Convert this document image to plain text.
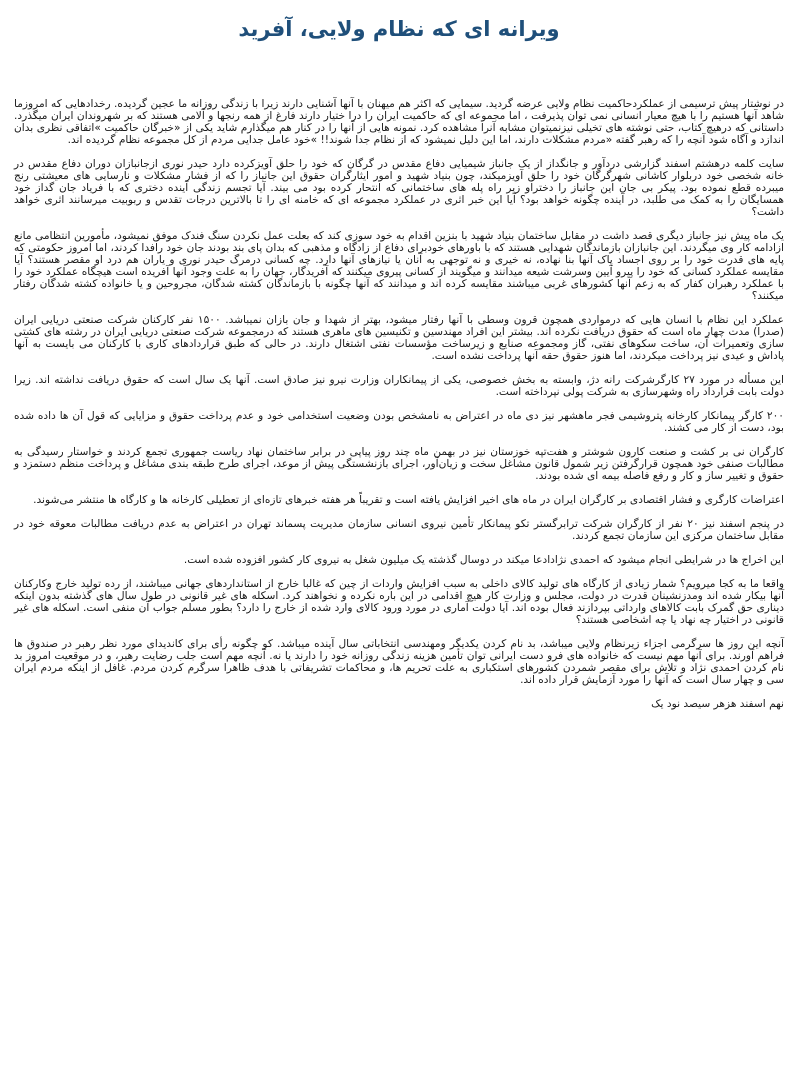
ویرانه ای که نظام ولایی، آفرید

در نوشتار پیش ترسیمی از عملکردحاکمیت نظام ولایی عرضه گردید. سیمایی که اکثر هم میهنان با آنها آشنایی دارند زیرا با زندگی روزانه ما عجین گردیده. رخدادهایی که امروزما شاهد آنها هستیم را با هیچ معیار انسانی نمی توان پذیرفت ، اما مجموعه ای که حاکمیت ایران را درا ختیار دارند فارغ از همه رنجها و آلامی هستند که بر شهروندان ایران میگذرد. داستانی که درهیچ کتاب، حتی نوشته های تخیلی نیزنمیتوان مشابه آنرا مشاهده کرد. نمونه هایی از آنها را در کنار هم میگذارم شاید یکی از «خبرگان حاکمیت »اتفاقی نظری بدان اندازد و آگاه شود آنچه را که رهبر گفته «مردم مشکلات دارند، اما این دلیل نمیشود که از نظام جدا شوند!! »خود عامل جدایی مردم از کل مجموعه نظام گردیده اند.

سایت کلمه درهشتم اسفند گزارشی دردآور و جانگداز از یک جانباز شیمیایی دفاع مقدس در گرگان که خود را حلق آویزکرده دارد حیدر نوری ازجانبازان دوران دفاع مقدس در خانه شخصی خود دربلوار کاشانی شهرگرگان خود را حلق آویزمیکند، چون بنیاد شهید و امور ایثارگران حقوق این جانباز را که از فشار مشکلات و نارسایی های معیشتی رنج میبرده قطع نموده بود. پیکر بی جان این جانباز را دختراو زیر راه پله های ساختمانی که انتحار کرده بود می بیند. آیا تجسم زندگی آینده دختری که با فریاد جان گداز خود همسایگان را به کمک می طلبد، در آینده چگونه خواهد بود؟ آیا این خبر اثری در عملکرد مجموعه ای که خامنه ای را تا بالاترین درجات تقدس و ربوبیت میرسانند اثری خواهد داشت؟

یک ماه پیش نیز جانباز دیگری قصد داشت در مقابل ساختمان بنیاد شهید با بنزین اقدام به خود سوزی کند که بعلت عمل نکردن سنگ فندک موفق نمیشود، مأمورین انتظامی مانع ازادامه کار وی میگردند. این جانبازان بازماندگان شهدایی هستند که با باورهای خودبرای دفاع از زادگاه و مذهبی که بدان پای بند بودند جان خود رافدا کردند، اما امروز حکومتی که پایه های قدرت خود را بر روی اجساد پاک آنها بنا نهاده، نه خیری و نه توجهی به آنان یا نیازهای آنها دارد. چه کسانی درمرگ حیدر نوری و یاران هم درد او مقصر هستند؟ آیا مقایسه عملکرد کسانی که خود را پیرو آیین وسرشت شیعه میدانند و میگویند از کسانی پیروی میکنند که آفریدگار، جهان را به علت وجود آنها آفریده است هیچگاه عملکرد خود را با عملکرد رهبران کفار که به زعم آنها کشورهای غربی میباشند مقایسه کرده اند و میدانند که آنها چگونه با بازماندگان کشته شدگان، مجروحین و یا خانواده کشته شدگان رفتار میکنند؟

عملکرد این نظام با انسان هایی که درمواردی همچون قرون وسطی با آنها رفتار میشود، بهتر از شهدا و جان بازان نمیباشد. ۱۵۰۰ نفر کارکنان شرکت صنعتی دریایی ایران (صدرا) مدت چهار ماه است که حقوق دریافت نکرده اند. بیشتر این افراد مهندسین و تکنیسین های ماهری هستند که درمجموعه شرکت صنعتی دریایی ایران در رشته های کشتی سازی وتعمیرات آن، ساخت سکوهای نفتی، گاز ومجموعه صنایع و زیرساخت مؤسسات نفتی اشتغال دارند. در حالی که طبق قراردادهای کاری با کارکنان می بایست به آنها پاداش و عیدی نیز پرداخت میکردند، اما هنوز حقوق حقه آنها پرداخت نشده است.

این مسأله در مورد ۲۷ کارگرشرکت رانه دژ، وابسته به بخش خصوصی، یکی از پیمانکاران وزارت نیرو نیز صادق است. آنها یک سال است که حقوق دریافت نداشته اند. زیرا دولت بابت قرارداد راه وشهرسازی به شرکت پولی نپرداخته است.

۲۰۰ کارگر پیمانکار کارخانه پتروشیمی فجر ماهشهر نیز دی ماه در اعتراض به نامشخص بودن وضعیت استخدامی خود و عدم پرداخت حقوق و مزایایی که قول آن ها داده شده بود، دست از کار می کشند.

کارگران نی بر کشت و صنعت کارون شوشتر و هفت‌تپه خوزستان نیز در بهمن ماه چند روز پیاپی در برابر ساختمان نهاد ریاست جمهوری تجمع کردند و خواستار رسیدگی به مطالبات صنفی خود همچون قرارگرفتن زیر شمول قانون مشاغل سخت و زیان‌آور، اجرای بازنشستگی پیش از موعد، اجرای طرح طبقه بندی مشاغل و پرداخت منظم دستمزد و حقوق و تغییر ساز و کار و رفع فاصله بیمه ای شده بودند.

اعتراضات کارگری و فشار اقتصادی بر کارگران ایران در ماه های اخیر افزایش یافته است و تقریباً هر هفته خبرهای تازه‌ای از تعطیلی کارخانه ها و کارگاه ها منتشر می‌شوند.

در پنجم اسفند نیز ۲۰ نفر از کارگران شرکت ترابرگستر تکو پیمانکار تأمین نیروی انسانی سازمان مدیریت پسماند تهران در اعتراض به عدم دریافت مطالبات معوقه خود در مقابل ساختمان مرکزی این سازمان تجمع کردند.

این اخراج ها در شرایطی انجام میشود که احمدی نژادادعا میکند در دوسال گذشته یک میلیون شغل به نیروی کار کشور افزوده شده است.

واقعا ما به کجا میرویم؟ شمار زیادی از کارگاه های تولید کالای داخلی به سبب افزایش واردات از چین که غالبا خارج از استانداردهای جهانی میباشند، از رده تولید خارج وکارکنان آنها بیکار شده اند ومدزنشینان قدرت در دولت، مجلس و وزارت کار هیچ اقدامی در این باره نکرده و نخواهند کرد. اسکله های غیر قانونی در طول سال های گذشته بدون اینکه دیناری حق گمرک بابت کالاهای وارداتی بپردازند فعال بوده اند. آیا دولت آماری در مورد ورود کالای وارد شده از خارج را دارد؟ بطور مسلم جواب آن منفی است. اسکله های غیر قانونی در اختیار چه نهاد یا چه اشخاصی هستند؟

آنچه این روز ها سرگرمی اجزاء زیرنظام ولایی میباشد، بد نام کردن یکدیگر ومهندسی انتخاباتی سال آینده میباشد. کو چگونه رأی برای کاندیدای مورد نظر رهبر در صندوق ها فراهم آورند. برای آنها مهم نیست که خانواده های فرو دست ایرانی توان تأمین هزینه زندگی روزانه خود را دارند یا نه. آنچه مهم است جلب رضایت رهبر، و در موقعیت امروز بد نام کردن احمدی نژاد و تلاش برای مقصر شمردن کشورهای استکباری به علت تحریم ها، و محاکمات تشریفاتی با هدف ظاهرا سرگرم کردن مردم. غافل از اینکه مردم ایران سی و چهار سال است که آنها را مورد آزمایش قرار داده اند.

نهم اسفند هزهر سیصد نود یک
